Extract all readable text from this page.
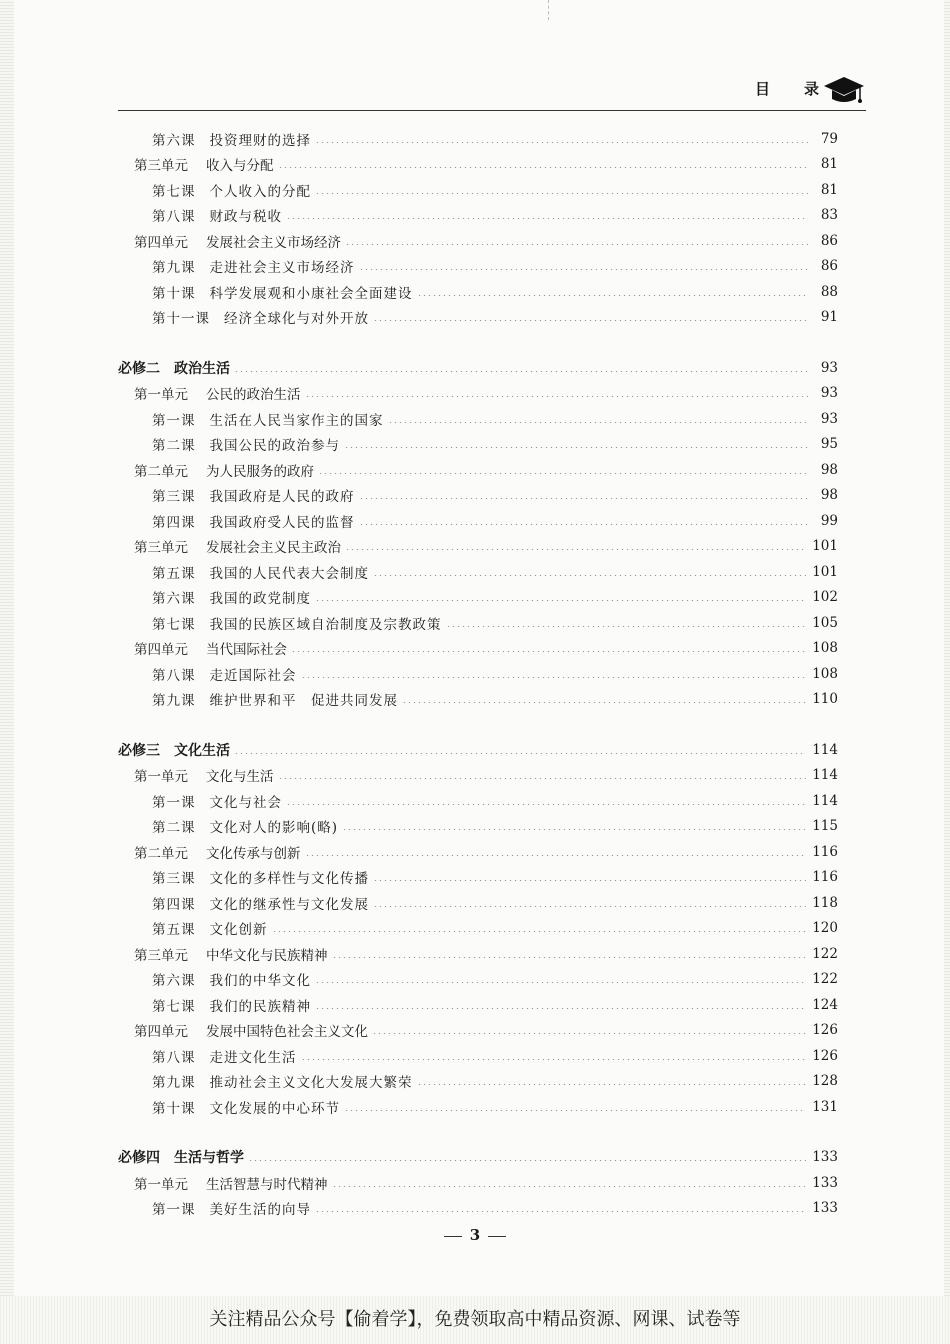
目 录
第六课 投资理财的选择	79
第三单元 收入与分配	81
第七课 个人收入的分配	81
第八课 财政与税收	83
第四单元 发展社会主义市场经济	86
第九课 走进社会主义市场经济	86
第十课 科学发展观和小康社会全面建设	88
第十一课 经济全球化与对外开放	91
必修二 政治生活	93
第一单元 公民的政治生活	93
第一课 生活在人民当家作主的国家	93
第二课 我国公民的政治参与	95
第二单元 为人民服务的政府	98
第三课 我国政府是人民的政府	98
第四课 我国政府受人民的监督	99
第三单元 发展社会主义民主政治	101
第五课 我国的人民代表大会制度	101
第六课 我国的政党制度	102
第七课 我国的民族区域自治制度及宗教政策	105
第四单元 当代国际社会	108
第八课 走近国际社会	108
第九课 维护世界和平　促进共同发展	110
必修三 文化生活	114
第一单元 文化与生活	114
第一课 文化与社会	114
第二课 文化对人的影响(略)	115
第二单元 文化传承与创新	116
第三课 文化的多样性与文化传播	116
第四课 文化的继承性与文化发展	118
第五课 文化创新	120
第三单元 中华文化与民族精神	122
第六课 我们的中华文化	122
第七课 我们的民族精神	124
第四单元 发展中国特色社会主义文化	126
第八课 走进文化生活	126
第九课 推动社会主义文化大发展大繁荣	128
第十课 文化发展的中心环节	131
必修四 生活与哲学	133
第一单元 生活智慧与时代精神	133
第一课 美好生活的向导	133
3
关注精品公众号【偷着学】，免费领取高中精品资源、网课、试卷等
